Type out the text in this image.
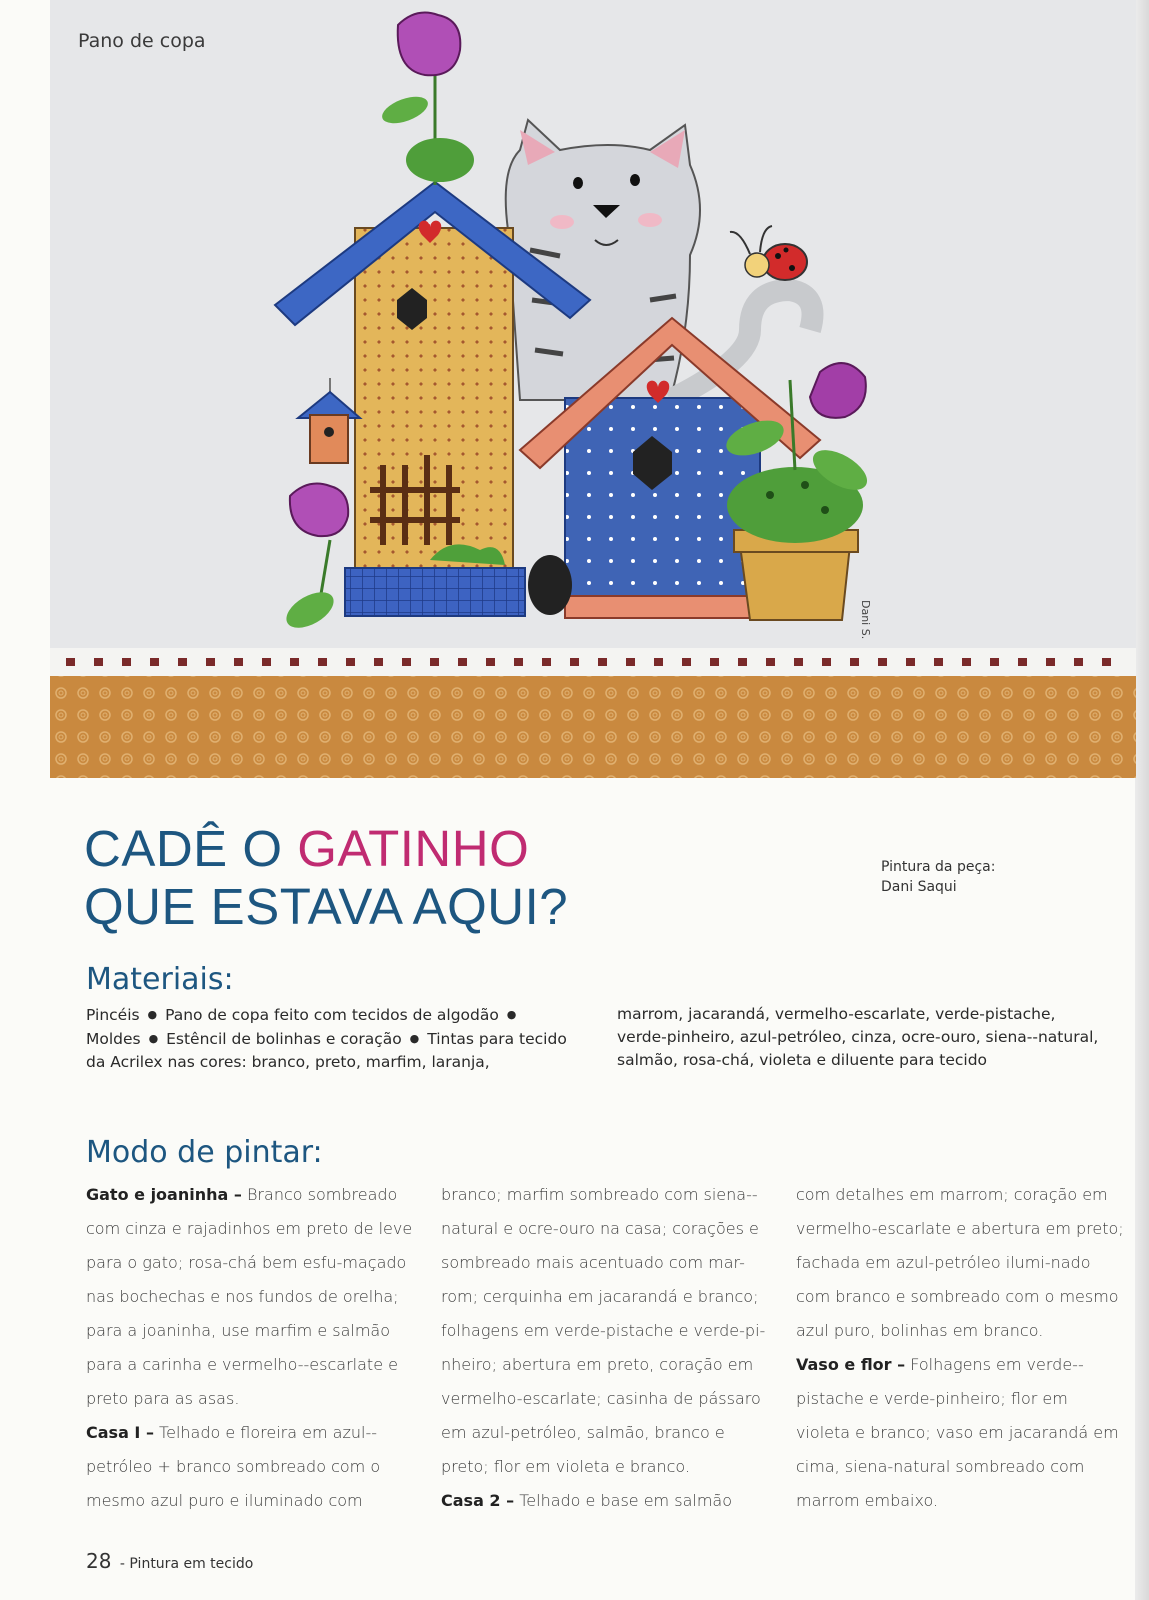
Dani S.

Pano de copa

CADÊ O GATINHO
QUE ESTAVA AQUI?
Pintura da peça:
Dani Saqui
Materiais:
Pincéis ● Pano de copa feito com tecidos de algodão ● Moldes ● Estêncil de bolinhas e coração ● Tintas para tecido da Acrilex nas cores: branco, preto, marfim, laranja,
marrom, jacarandá, vermelho-escarlate, verde-pistache, verde-pinheiro, azul-petróleo, cinza, ocre-ouro, siena--natural, salmão, rosa-chá, violeta e diluente para tecido
Modo de pintar:
Gato e joaninha – Branco sombreado com cinza e rajadinhos em preto de leve para o gato; rosa-chá bem esfu-maçado nas bochechas e nos fundos de orelha; para a joaninha, use marfim e salmão para a carinha e vermelho--escarlate e preto para as asas.
Casa I – Telhado e floreira em azul--petróleo + branco sombreado com o mesmo azul puro e iluminado com
branco; marfim sombreado com siena--natural e ocre-ouro na casa; corações e sombreado mais acentuado com mar-rom; cerquinha em jacarandá e branco; folhagens em verde-pistache e verde-pi-nheiro; abertura em preto, coração em vermelho-escarlate; casinha de pássaro em azul-petróleo, salmão, branco e preto; flor em violeta e branco.
Casa 2 – Telhado e base em salmão
com detalhes em marrom; coração em vermelho-escarlate e abertura em preto; fachada em azul-petróleo ilumi-nado com branco e sombreado com o mesmo azul puro, bolinhas em branco.
Vaso e flor – Folhagens em verde--pistache e verde-pinheiro; flor em violeta e branco; vaso em jacarandá em cima, siena-natural sombreado com marrom embaixo.
28 - Pintura em tecido
